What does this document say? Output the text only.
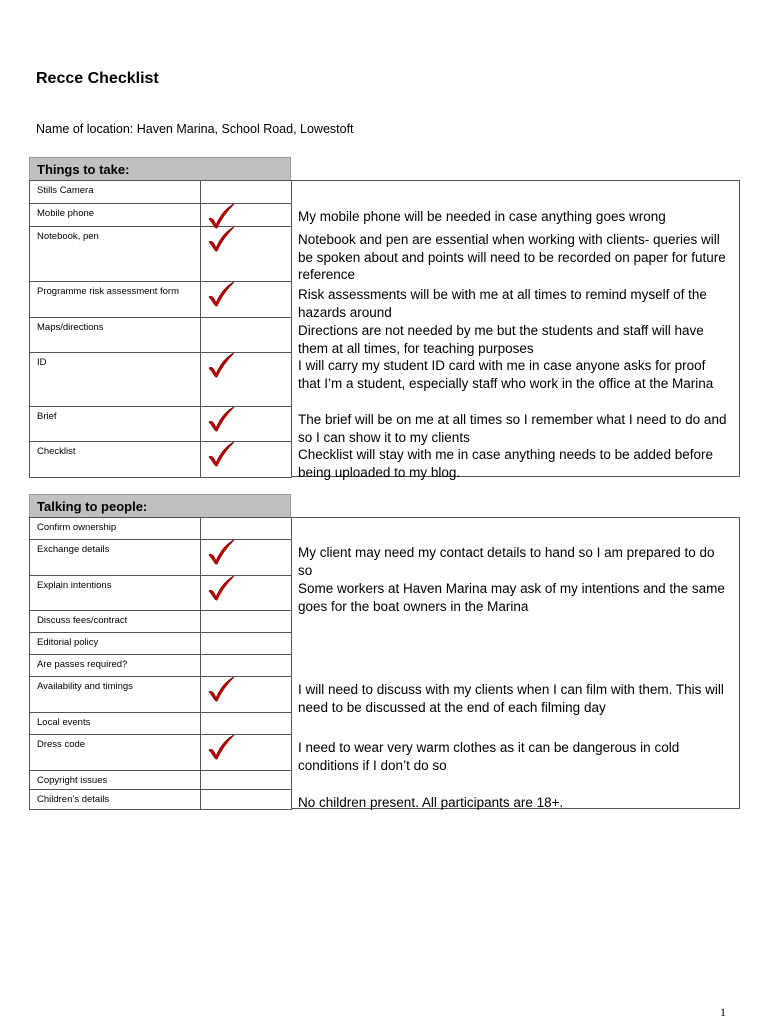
Recce Checklist
Name of location: Haven Marina, School Road, Lowestoft
Things to take:
Stills Camera
Mobile phone
Notebook, pen
Programme risk assessment form
Maps/directions
ID
Brief
Checklist
My mobile phone will be needed in case anything goes wrong
Notebook and pen are essential when working with clients- queries will be spoken about and points will need to be recorded on paper for future reference
Risk assessments will be with me at all times to remind myself of the hazards around
Directions are not needed by me but the students and staff will have them at all times, for teaching purposes
I will carry my student ID card with me in case anyone asks for proof that I’m a student, especially staff who work in the office at the Marina
The brief will be on me at all times so I remember what I need to do and so I can show it to my clients
Checklist will stay with me in case anything needs to be added before being uploaded to my blog.
Talking to people:
Confirm ownership
Exchange details
Explain intentions
Discuss fees/contract
Editorial policy
Are passes required?
Availability and timings
Local events
Dress code
Copyright issues
Children’s details
My client may need my contact details to hand so I am prepared to do so
Some workers at Haven Marina may ask of my intentions and the same goes for the boat owners in the Marina
I will need to discuss with my clients when I can film with them. This will need to be discussed at the end of each filming day
I need to wear very warm clothes as it can be dangerous in cold conditions if I don’t do so
No children present. All participants are 18+.
1
